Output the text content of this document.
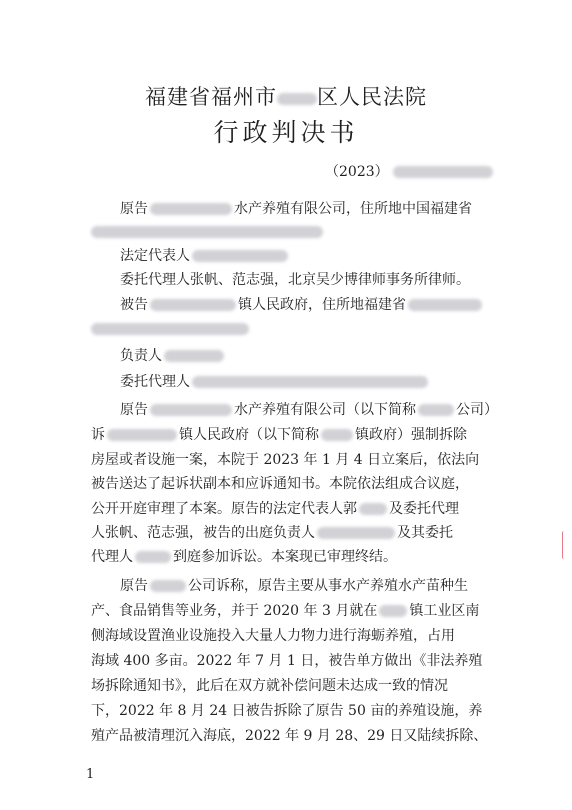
福建省福州市 区人民法院
行政判决书
（2023）
原告	水产养殖有限公司，住所地中国福建省
法定代表人
委托代理人张帆、范志强，北京吴少博律师事务所律师。
被告	镇人民政府，住所地福建省
负责人
委托代理人
原告	水产养殖有限公司（以下简称	公司）
诉	镇人民政府（以下简称	镇政府）强制拆除
房屋或者设施一案，本院于 2023 年 1 月 4 日立案后，依法向
被告送达了起诉状副本和应诉通知书。本院依法组成合议庭，
公开开庭审理了本案。原告的法定代表人郭 及委托代理
人张帆、范志强，被告的出庭负责人	及其委托
代理人	到庭参加诉讼。本案现已审理终结。
原告	公司诉称，原告主要从事水产养殖水产苗种生
产、食品销售等业务，并于 2020 年 3 月就在 镇工业区南
侧海域设置渔业设施投入大量人力物力进行海蛎养殖，占用
海域 400 多亩。2022 年 7 月 1 日，被告单方做出《非法养殖
场拆除通知书》，此后在双方就补偿问题未达成一致的情况
下，2022 年 8 月 24 日被告拆除了原告 50 亩的养殖设施，养
殖产品被清理沉入海底，2022 年 9 月 28、29 日又陆续拆除、
1
